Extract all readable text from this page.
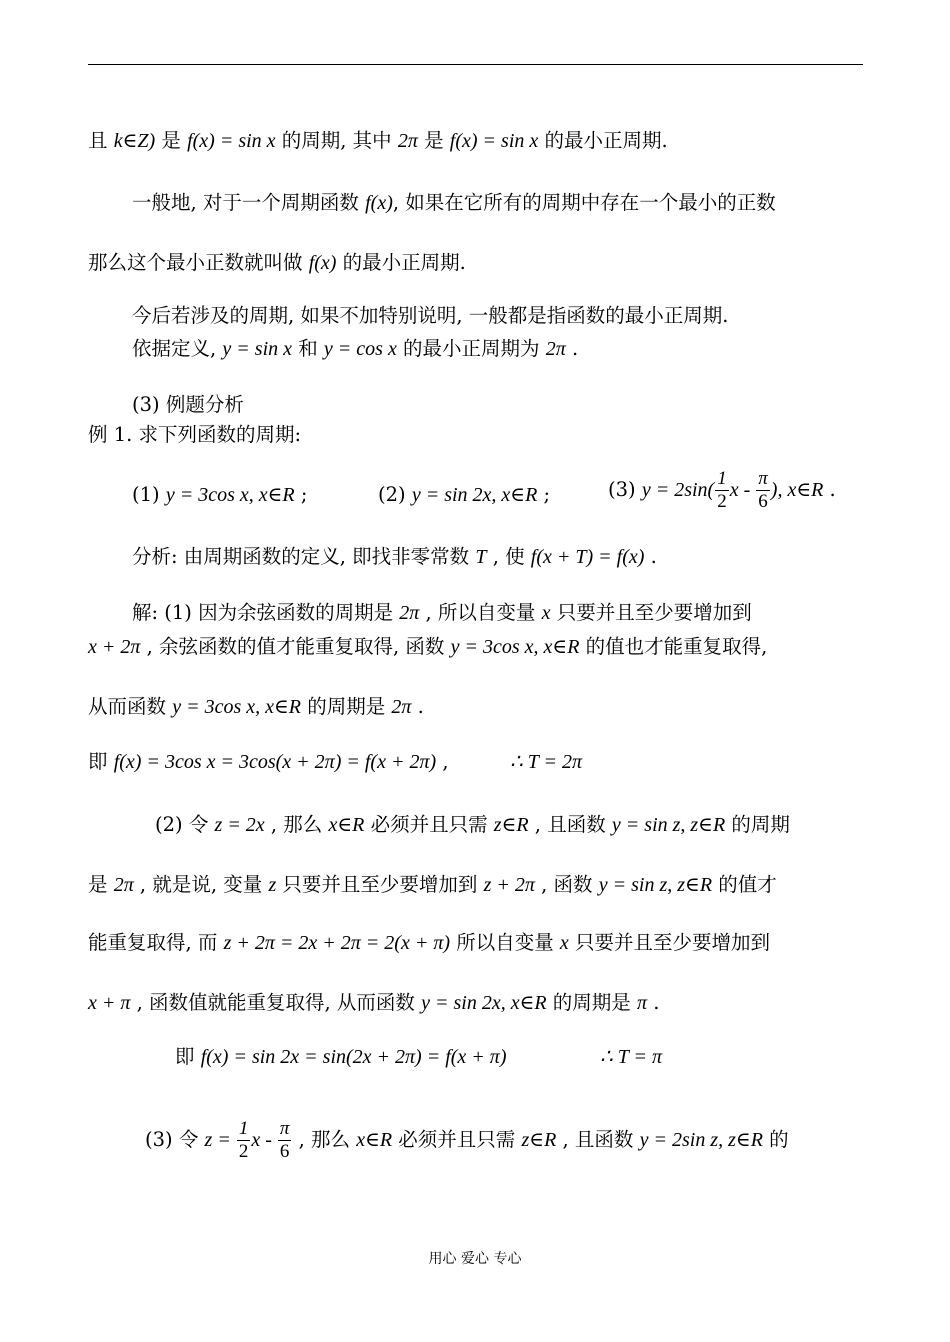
且 k∈Z) 是 f(x) = sin x 的周期, 其中 2π 是 f(x) = sin x 的最小正周期.
一般地, 对于一个周期函数 f(x), 如果在它所有的周期中存在一个最小的正数
那么这个最小正数就叫做 f(x) 的最小正周期.
今后若涉及的周期, 如果不加特别说明, 一般都是指函数的最小正周期.
依据定义, y = sin x 和 y = cos x 的最小正周期为 2π .
(3) 例题分析
例 1. 求下列函数的周期:
(1) y = 3cos x, x∈R ;	(2) y = sin 2x, x∈R ;	(3) $y = 2\sin( \frac{1}{2}$ x - $\frac{\pi}{6}$ ), x∈R .
分析: 由周期函数的定义, 即找非零常数 T , 使 f(x + T) = f(x) .
解: (1) 因为余弦函数的周期是 2π , 所以自变量 x 只要并且至少要增加到
x + 2π , 余弦函数的值才能重复取得, 函数 y = 3cos x, x∈R 的值也才能重复取得,
从而函数 y = 3cos x, x∈R 的周期是 2π .
即 f(x) = 3cos x = 3cos(x + 2π) = f(x + 2π) ,	∴ T = 2π
(2) 令 z = 2x , 那么 x∈R 必须并且只需 z∈R , 且函数 y = sin z, z∈R 的周期
是 2π , 就是说, 变量 z 只要并且至少要增加到 z + 2π , 函数 y = sin z, z∈R 的值才
能重复取得, 而 z + 2π = 2x + 2π = 2(x + π) 所以自变量 x 只要并且至少要增加到
x + π , 函数值就能重复取得, 从而函数 y = sin 2x, x∈R 的周期是 π .
即 f(x) = sin 2x = sin(2x + 2π) = f(x + π)	∴ T = π
(3) 令 $z = \frac{1}{2}$ x - $\frac{\pi}{6}$ , 那么 x∈R 必须并且只需 z∈R , 且函数 y = 2sin z, z∈R 的
用心 爱心 专心
